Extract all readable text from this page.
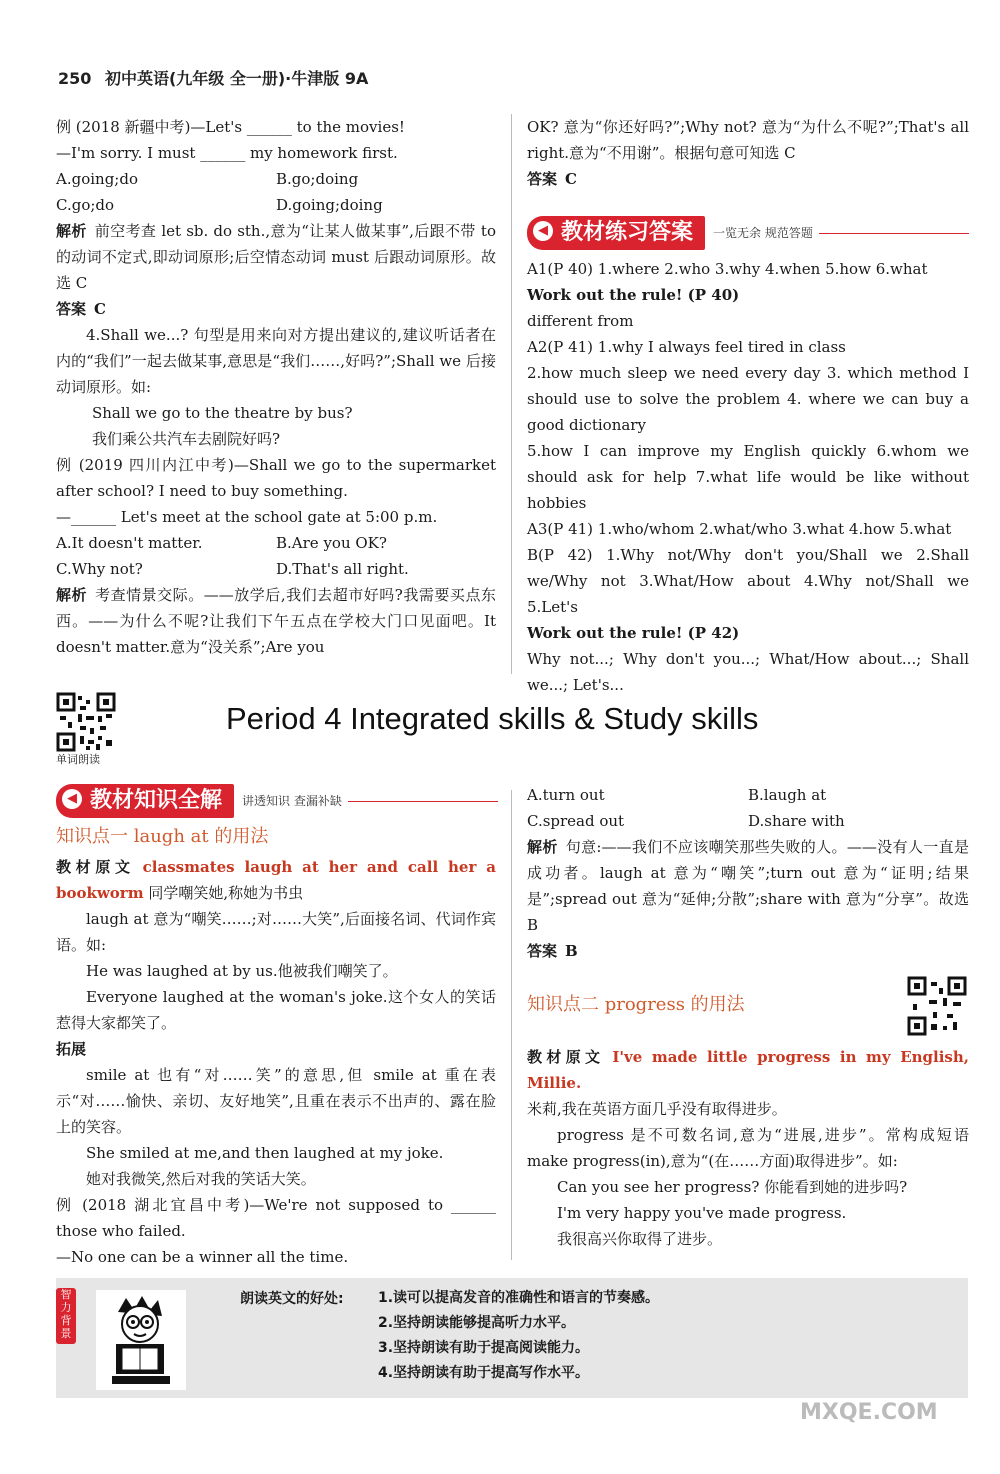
250 初中英语(九年级 全一册)·牛津版 9A

例 (2018 新疆中考)—Let's ______ to the movies!

—I'm sorry. I must ______ my homework first.

A.going;do	B.go;doing
C.go;do	D.going;doing

解析 前空考查 let sb. do sth.,意为“让某人做某事”,后跟不带 to 的动词不定式,即动词原形;后空情态动词 must 后跟动词原形。故选 C

答案 C

4.Shall we...? 句型是用来向对方提出建议的,建议听话者在内的“我们”一起去做某事,意思是“我们……,好吗?”;Shall we 后接动词原形。如:

Shall we go to the theatre by bus?

我们乘公共汽车去剧院好吗?

例 (2019 四川内江中考)—Shall we go to the supermarket after school? I need to buy something.

—______ Let's meet at the school gate at 5:00 p.m.

A.It doesn't matter.	B.Are you OK?
C.Why not?	D.That's all right.

解析 考查情景交际。——放学后,我们去超市好吗?我需要买点东西。——为什么不呢?让我们下午五点在学校大门口见面吧。It doesn't matter.意为“没关系”;Are you

OK? 意为“你还好吗?”;Why not? 意为“为什么不呢?”;That's all right.意为“不用谢”。根据句意可知选 C

答案 C

◀ 教材练习答案	一览无余 规范答题

A1(P 40) 1.where 2.who 3.why 4.when 5.how 6.what

Work out the rule! (P 40)

different from

A2(P 41) 1.why I always feel tired in class

2.how much sleep we need every day 3. which method I should use to solve the problem 4. where we can buy a good dictionary

5.how I can improve my English quickly 6.whom we should ask for help 7.what life would be like without hobbies

A3(P 41) 1.who/whom 2.what/who 3.what 4.how 5.what

B(P 42) 1.Why not/Why don't you/Shall we 2.Shall we/Why not 3.What/How about 4.Why not/Shall we 5.Let's

Work out the rule! (P 42)

Why not...; Why don't you...; What/How about...; Shall we...; Let's...

单词朗读
Period 4 Integrated skills & Study skills
◀ 教材知识全解	讲透知识 查漏补缺

知识点一 laugh at 的用法

教材原文 classmates laugh at her and call her a bookworm 同学嘲笑她,称她为书虫

laugh at 意为“嘲笑……;对……大笑”,后面接名词、代词作宾语。如:

He was laughed at by us.他被我们嘲笑了。

Everyone laughed at the woman's joke.这个女人的笑话惹得大家都笑了。

拓展

smile at 也有“对……笑”的意思,但 smile at 重在表示“对……愉快、亲切、友好地笑”,且重在表示不出声的、露在脸上的笑容。

She smiled at me,and then laughed at my joke.

她对我微笑,然后对我的笑话大笑。

例 (2018 湖北宜昌中考)—We're not supposed to ______ those who failed.

—No one can be a winner all the time.

A.turn out	B.laugh at
C.spread out	D.share with

解析 句意:——我们不应该嘲笑那些失败的人。——没有人一直是成功者。laugh at 意为“嘲笑”;turn out 意为“证明;结果是”;spread out 意为“延伸;分散”;share with 意为“分享”。故选 B

答案 B

知识点二 progress 的用法

教材原文 I've made little progress in my English, Millie.

米莉,我在英语方面几乎没有取得进步。

progress 是不可数名词,意为“进展,进步”。常构成短语 make progress(in),意为“(在……方面)取得进步”。如:

Can you see her progress? 你能看到她的进步吗?

I'm very happy you've made progress.

我很高兴你取得了进步。

智力背景
朗读英文的好处: 1.读可以提高发音的准确性和语言的节奏感。
2.坚持朗读能够提高听力水平。
3.坚持朗读有助于提高阅读能力。
4.坚持朗读有助于提高写作水平。
MXQE.COM
